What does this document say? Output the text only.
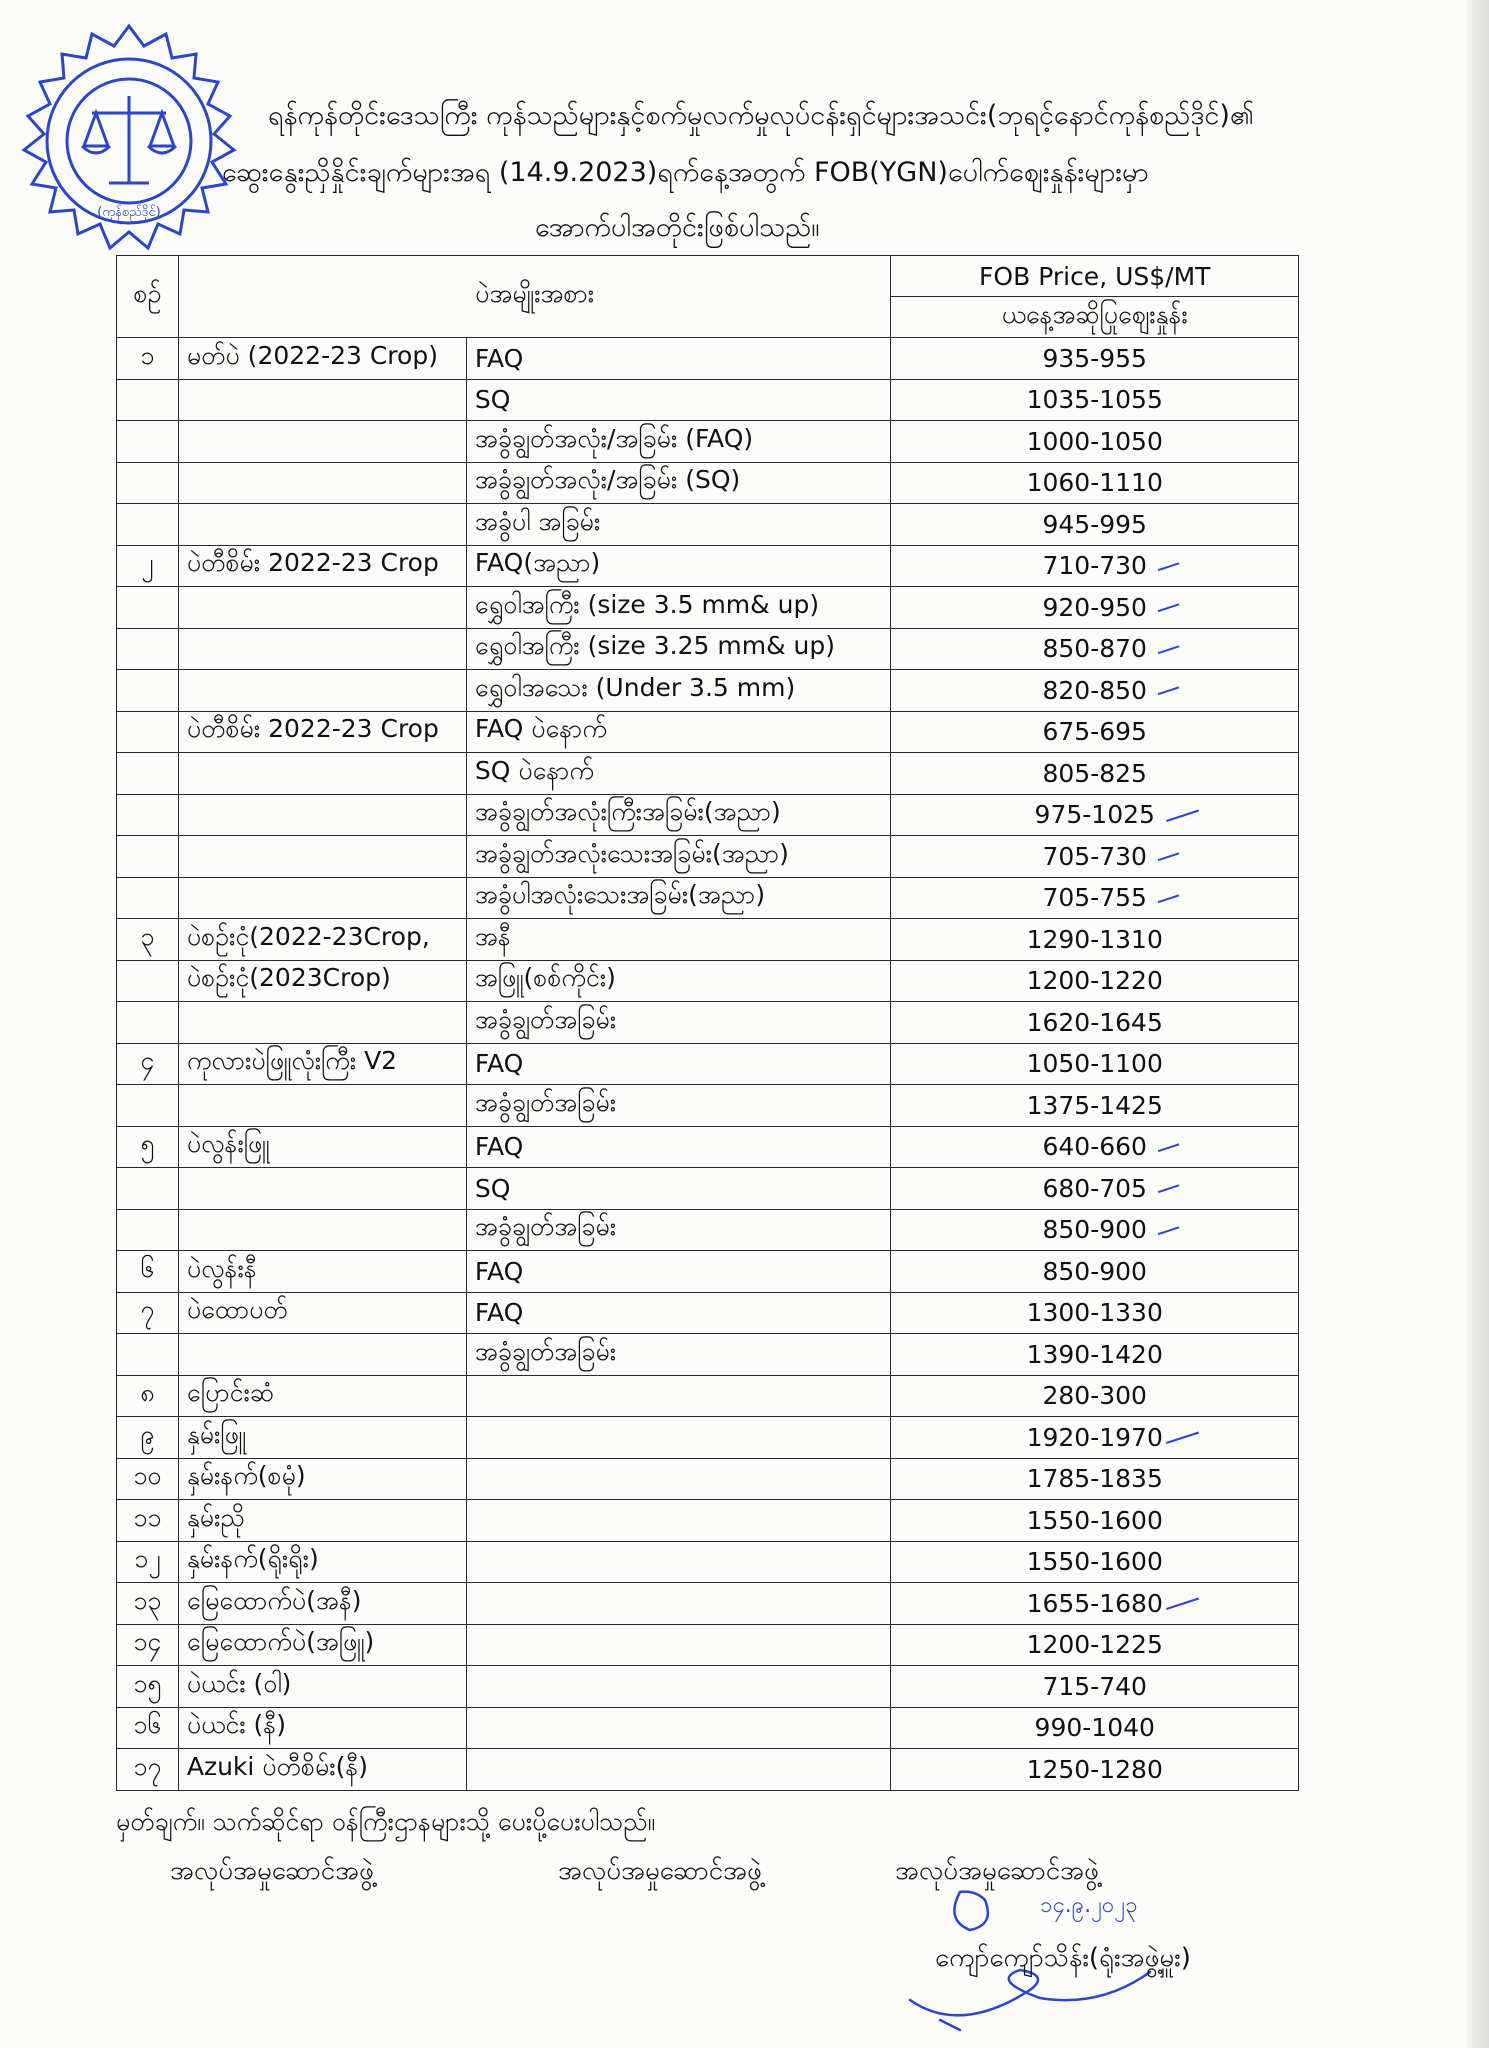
(ကုန်စည်ဒိုင်)
ရန်ကုန်တိုင်းဒေသကြီး ကုန်သည်များနှင့်စက်မှုလက်မှုလုပ်ငန်းရှင်များအသင်း(ဘုရင့်နောင်ကုန်စည်ဒိုင်)၏
ဆွေးနွေးညှိနှိုင်းချက်များအရ (14.9.2023)ရက်နေ့အတွက် FOB(YGN)ပေါက်ဈေးနှုန်းများမှာ
အောက်ပါအတိုင်းဖြစ်ပါသည်။
စဉ်	ပဲအမျိုးအစား		FOB Price, US$/MT
			ယနေ့အဆိုပြုဈေးနှုန်း
၁	မတ်ပဲ (2022-23 Crop)	FAQ	935-955
		SQ	1035-1055
		အခွံချွတ်အလုံး/အခြမ်း (FAQ)	1000-1050
		အခွံချွတ်အလုံး/အခြမ်း (SQ)	1060-1110
		အခွံပါ အခြမ်း	945-995
၂	ပဲတီစိမ်း 2022-23 Crop	FAQ(အညာ)	710-730

		ရွှေဝါအကြီး (size 3.5 mm& up)	920-950

		ရွှေဝါအကြီး (size 3.25 mm& up)	850-870

		ရွှေဝါအသေး (Under 3.5 mm)	820-850

	ပဲတီစိမ်း 2022-23 Crop	FAQ ပဲနောက်	675-695
		SQ ပဲနောက်	805-825
		အခွံချွတ်အလုံးကြီးအခြမ်း(အညာ)	975-1025

		အခွံချွတ်အလုံးသေးအခြမ်း(အညာ)	705-730

		အခွံပါအလုံးသေးအခြမ်း(အညာ)	705-755

၃	ပဲစဉ်းငုံ(2022-23Crop,	အနီ	1290-1310
	ပဲစဉ်းငုံ(2023Crop)	အဖြူ(စစ်ကိုင်း)	1200-1220
		အခွံချွတ်အခြမ်း	1620-1645
၄	ကုလားပဲဖြူလုံးကြီး V2	FAQ	1050-1100
		အခွံချွတ်အခြမ်း	1375-1425
၅	ပဲလွန်းဖြူ	FAQ	640-660

		SQ	680-705

		အခွံချွတ်အခြမ်း	850-900

၆	ပဲလွန်းနီ	FAQ	850-900
၇	ပဲထောပတ်	FAQ	1300-1330
		အခွံချွတ်အခြမ်း	1390-1420
၈	ပြောင်းဆံ		280-300
၉	နှမ်းဖြူ		1920-1970

၁၀	နှမ်းနက်(စမုံ)		1785-1835
၁၁	နှမ်းညို		1550-1600
၁၂	နှမ်းနက်(ရိုးရိုး)		1550-1600
၁၃	မြေထောက်ပဲ(အနီ)		1655-1680

၁၄	မြေထောက်ပဲ(အဖြူ)		1200-1225
၁၅	ပဲယင်း (ဝါ)		715-740
၁၆	ပဲယင်း (နီ)		990-1040
၁၇	Azuki ပဲတီစိမ်း(နီ)		1250-1280
မှတ်ချက်။ သက်ဆိုင်ရာ ဝန်ကြီးဌာနများသို့ ပေးပို့ပေးပါသည်။
အလုပ်အမှုဆောင်အဖွဲ့	အလုပ်အမှုဆောင်အဖွဲ့	အလုပ်အမှုဆောင်အဖွဲ့
၁၄.၉.၂၀၂၃
ကျော်ကျော်သိန်း(ရုံးအဖွဲ့မှူး)
